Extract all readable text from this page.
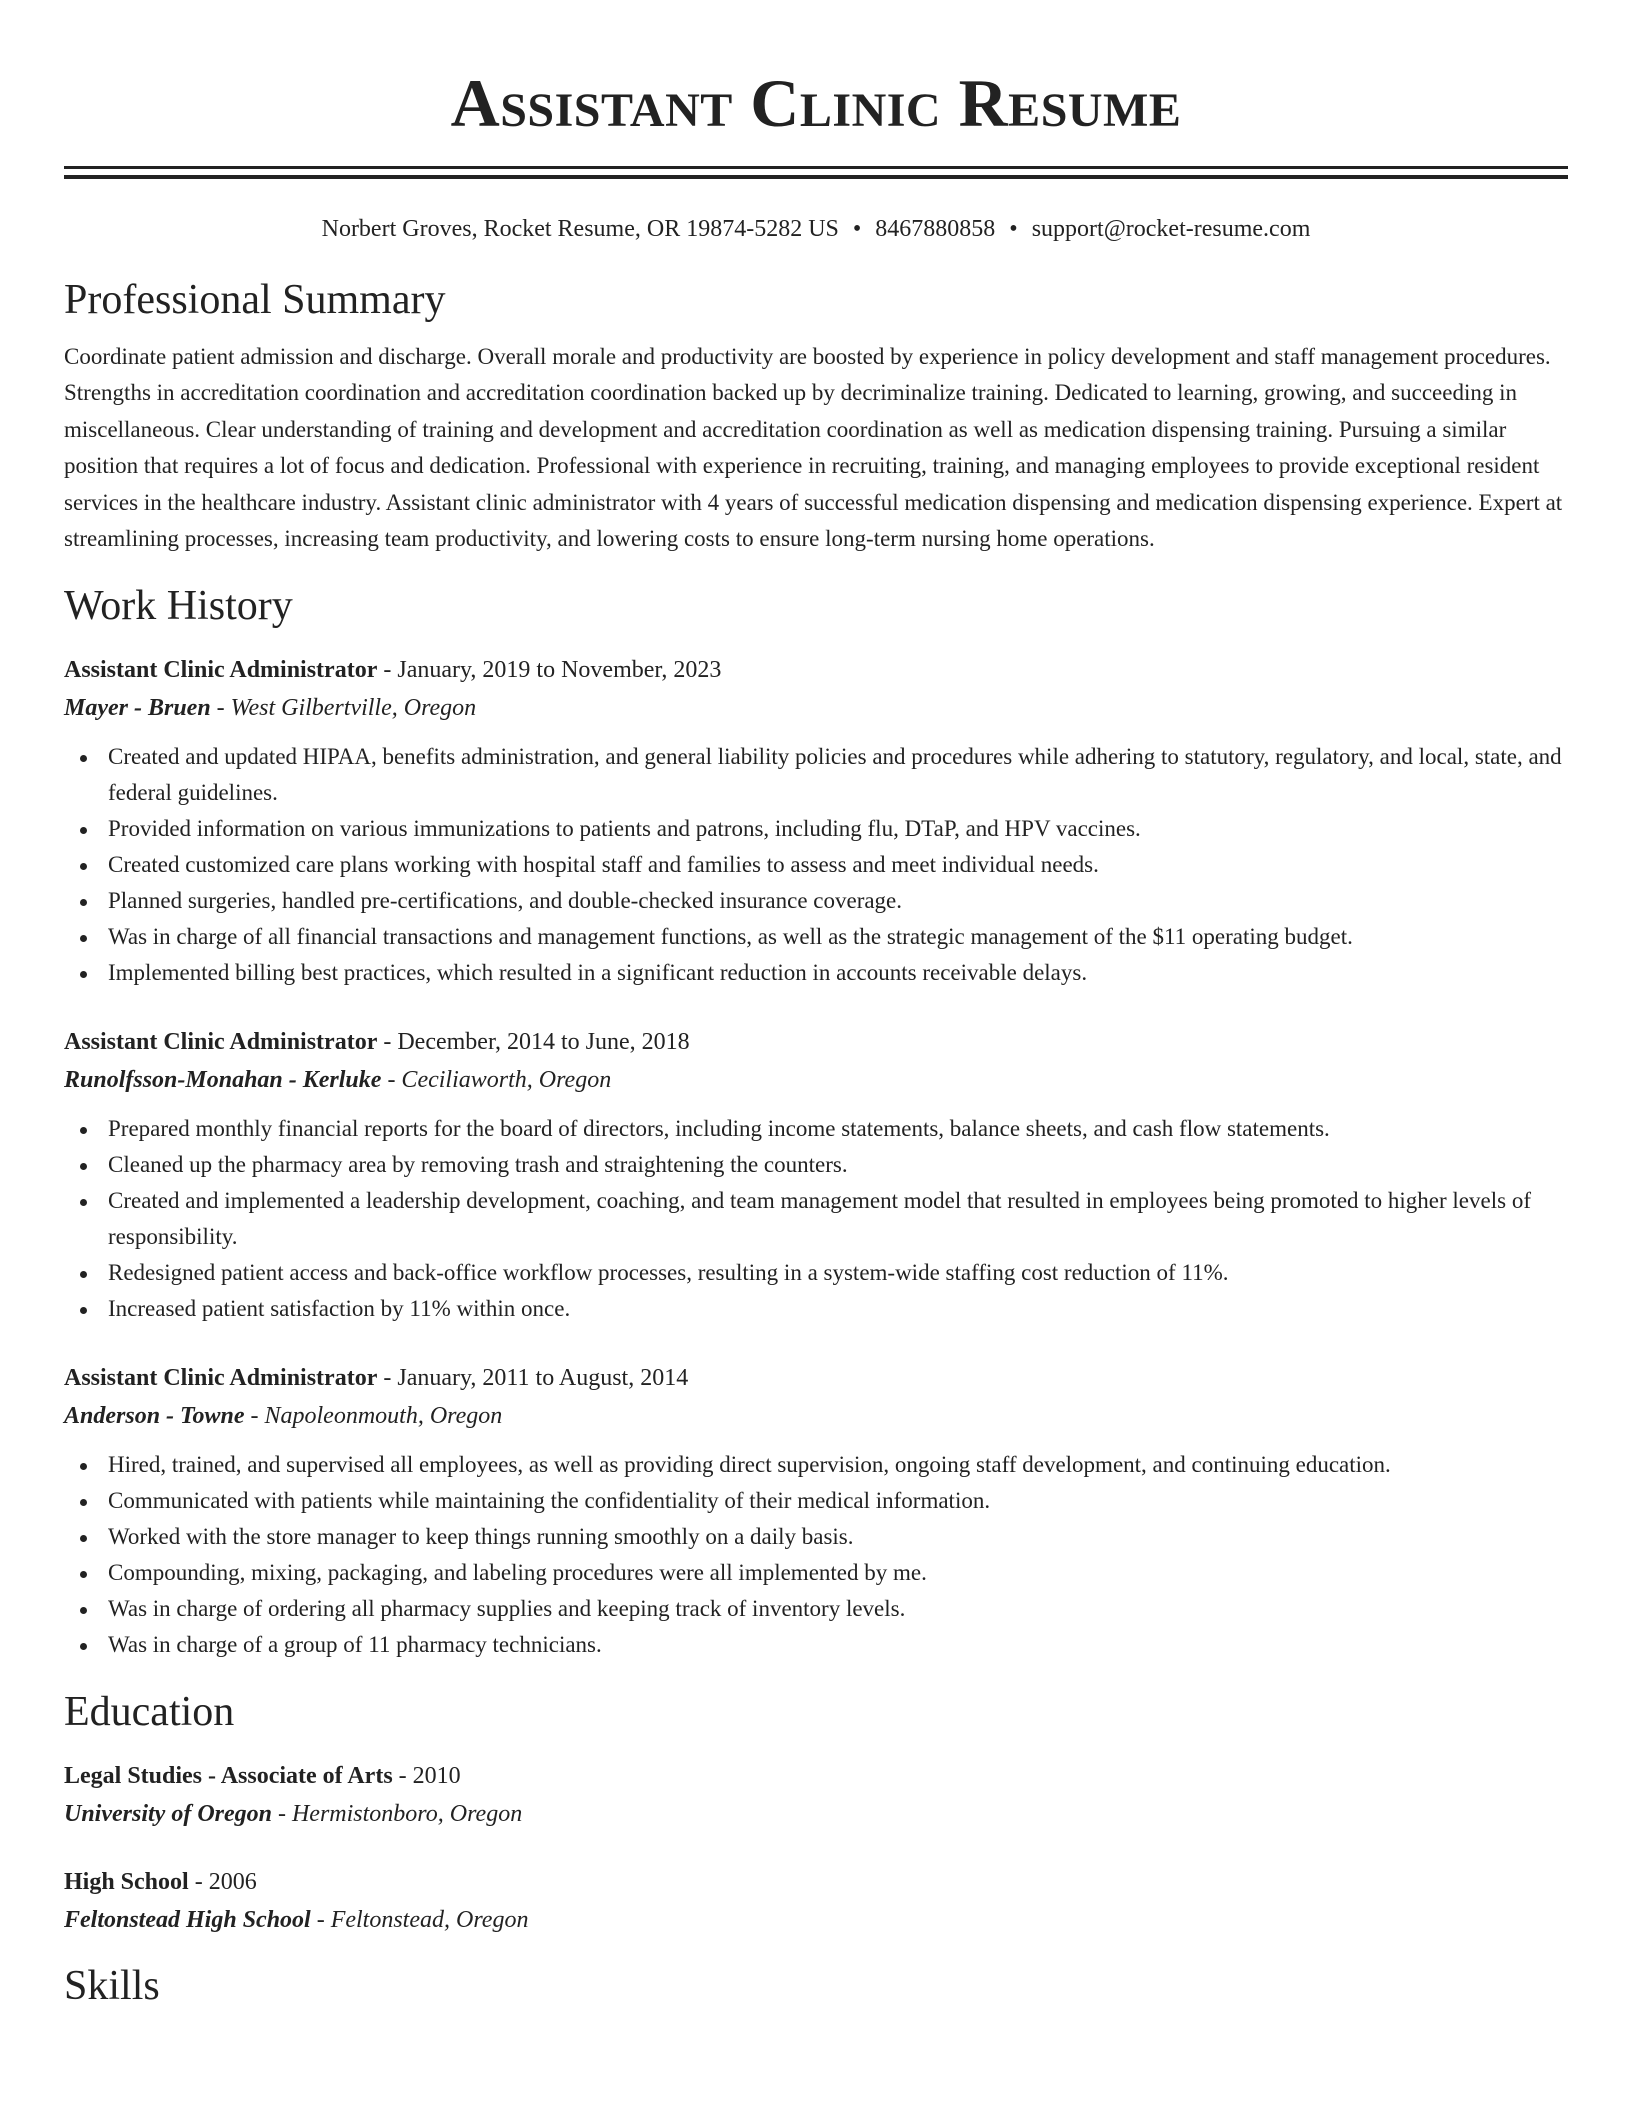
Assistant Clinic Resume
Norbert Groves, Rocket Resume, OR 19874-5282 US • 8467880858 • support@rocket-resume.com
Professional Summary

Coordinate patient admission and discharge. Overall morale and productivity are boosted by experience in policy development and staff management procedures. Strengths in accreditation coordination and accreditation coordination backed up by decriminalize training. Dedicated to learning, growing, and succeeding in miscellaneous. Clear understanding of training and development and accreditation coordination as well as medication dispensing training. Pursuing a similar position that requires a lot of focus and dedication. Professional with experience in recruiting, training, and managing employees to provide exceptional resident services in the healthcare industry. Assistant clinic administrator with 4 years of successful medication dispensing and medication dispensing experience. Expert at streamlining processes, increasing team productivity, and lowering costs to ensure long-term nursing home operations.

Work History
Assistant Clinic Administrator - January, 2019 to November, 2023
Mayer - Bruen - West Gilbertville, Oregon
Created and updated HIPAA, benefits administration, and general liability policies and procedures while adhering to statutory, regulatory, and local, state, and federal guidelines.
Provided information on various immunizations to patients and patrons, including flu, DTaP, and HPV vaccines.
Created customized care plans working with hospital staff and families to assess and meet individual needs.
Planned surgeries, handled pre-certifications, and double-checked insurance coverage.
Was in charge of all financial transactions and management functions, as well as the strategic management of the $11 operating budget.
Implemented billing best practices, which resulted in a significant reduction in accounts receivable delays.
Assistant Clinic Administrator - December, 2014 to June, 2018
Runolfsson-Monahan - Kerluke - Ceciliaworth, Oregon
Prepared monthly financial reports for the board of directors, including income statements, balance sheets, and cash flow statements.
Cleaned up the pharmacy area by removing trash and straightening the counters.
Created and implemented a leadership development, coaching, and team management model that resulted in employees being promoted to higher levels of responsibility.
Redesigned patient access and back-office workflow processes, resulting in a system-wide staffing cost reduction of 11%.
Increased patient satisfaction by 11% within once.
Assistant Clinic Administrator - January, 2011 to August, 2014
Anderson - Towne - Napoleonmouth, Oregon
Hired, trained, and supervised all employees, as well as providing direct supervision, ongoing staff development, and continuing education.
Communicated with patients while maintaining the confidentiality of their medical information.
Worked with the store manager to keep things running smoothly on a daily basis.
Compounding, mixing, packaging, and labeling procedures were all implemented by me.
Was in charge of ordering all pharmacy supplies and keeping track of inventory levels.
Was in charge of a group of 11 pharmacy technicians.
Education
Legal Studies - Associate of Arts - 2010
University of Oregon - Hermistonboro, Oregon
High School - 2006
Feltonstead High School - Feltonstead, Oregon
Skills
